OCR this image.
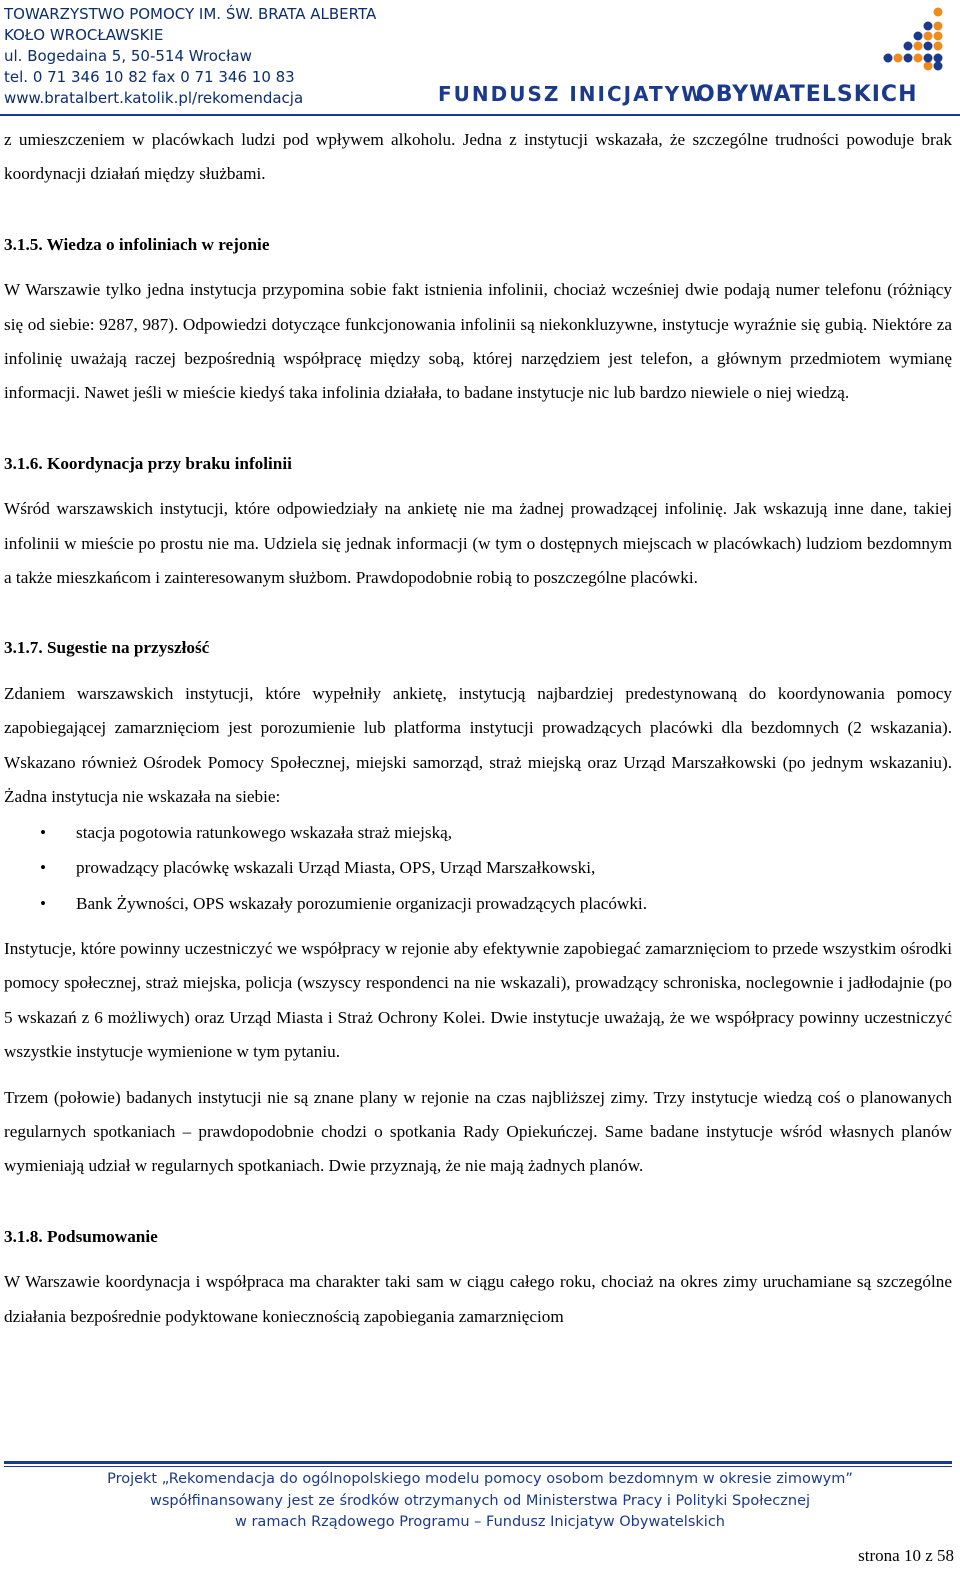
TOWARZYSTWO POMOCY IM. ŚW. BRATA ALBERTA
KOŁO WROCŁAWSKIE
ul. Bogedaina 5, 50-514 Wrocław
tel. 0 71 346 10 82 fax 0 71 346 10 83
www.bratalbert.katolik.pl/rekomendacja	FUNDUSZ INICJATYW
OBYWATELSKICH

z umieszczeniem w placówkach ludzi pod wpływem alkoholu. Jedna z instytucji wskazała, że szczególne trudności powoduje brak koordynacji działań między służbami.

3.1.5. Wiedza o infoliniach w rejonie

W Warszawie tylko jedna instytucja przypomina sobie fakt istnienia infolinii, chociaż wcześniej dwie podają numer telefonu (różniący się od siebie: 9287, 987). Odpowiedzi dotyczące funkcjonowania infolinii są niekonkluzywne, instytucje wyraźnie się gubią. Niektóre za infolinię uważają raczej bezpośrednią współpracę między sobą, której narzędziem jest telefon, a głównym przedmiotem wymianę informacji. Nawet jeśli w mieście kiedyś taka infolinia działała, to badane instytucje nic lub bardzo niewiele o niej wiedzą.

3.1.6. Koordynacja przy braku infolinii

Wśród warszawskich instytucji, które odpowiedziały na ankietę nie ma żadnej prowadzącej infolinię. Jak wskazują inne dane, takiej infolinii w mieście po prostu nie ma. Udziela się jednak informacji (w tym o dostępnych miejscach w placówkach) ludziom bezdomnym a także mieszkańcom i zainteresowanym służbom. Prawdopodobnie robią to poszczególne placówki.

3.1.7. Sugestie na przyszłość

Zdaniem warszawskich instytucji, które wypełniły ankietę, instytucją najbardziej predestynowaną do koordynowania pomocy zapobiegającej zamarznięciom jest porozumienie lub platforma instytucji prowadzących placówki dla bezdomnych (2 wskazania). Wskazano również Ośrodek Pomocy Społecznej, miejski samorząd, straż miejską oraz Urząd Marszałkowski (po jednym wskazaniu). Żadna instytucja nie wskazała na siebie:

• stacja pogotowia ratunkowego wskazała straż miejską,
• prowadzący placówkę wskazali Urząd Miasta, OPS, Urząd Marszałkowski,
• Bank Żywności, OPS wskazały porozumienie organizacji prowadzących placówki.

Instytucje, które powinny uczestniczyć we współpracy w rejonie aby efektywnie zapobiegać zamarznięciom to przede wszystkim ośrodki pomocy społecznej, straż miejska, policja (wszyscy respondenci na nie wskazali), prowadzący schroniska, noclegownie i jadłodajnie (po 5 wskazań z 6 możliwych) oraz Urząd Miasta i Straż Ochrony Kolei. Dwie instytucje uważają, że we współpracy powinny uczestniczyć wszystkie instytucje wymienione w tym pytaniu.

Trzem (połowie) badanych instytucji nie są znane plany w rejonie na czas najbliższej zimy. Trzy instytucje wiedzą coś o planowanych regularnych spotkaniach – prawdopodobnie chodzi o spotkania Rady Opiekuńczej. Same badane instytucje wśród własnych planów wymieniają udział w regularnych spotkaniach. Dwie przyznają, że nie mają żadnych planów.

3.1.8. Podsumowanie

W Warszawie koordynacja i współpraca ma charakter taki sam w ciągu całego roku, chociaż na okres zimy uruchamiane są szczególne działania bezpośrednie podyktowane koniecznością zapobiegania zamarznięciom

Projekt „Rekomendacja do ogólnopolskiego modelu pomocy osobom bezdomnym w okresie zimowym”
współfinansowany jest ze środków otrzymanych od Ministerstwa Pracy i Polityki Społecznej
w ramach Rządowego Programu – Fundusz Inicjatyw Obywatelskich
strona 10 z 58
